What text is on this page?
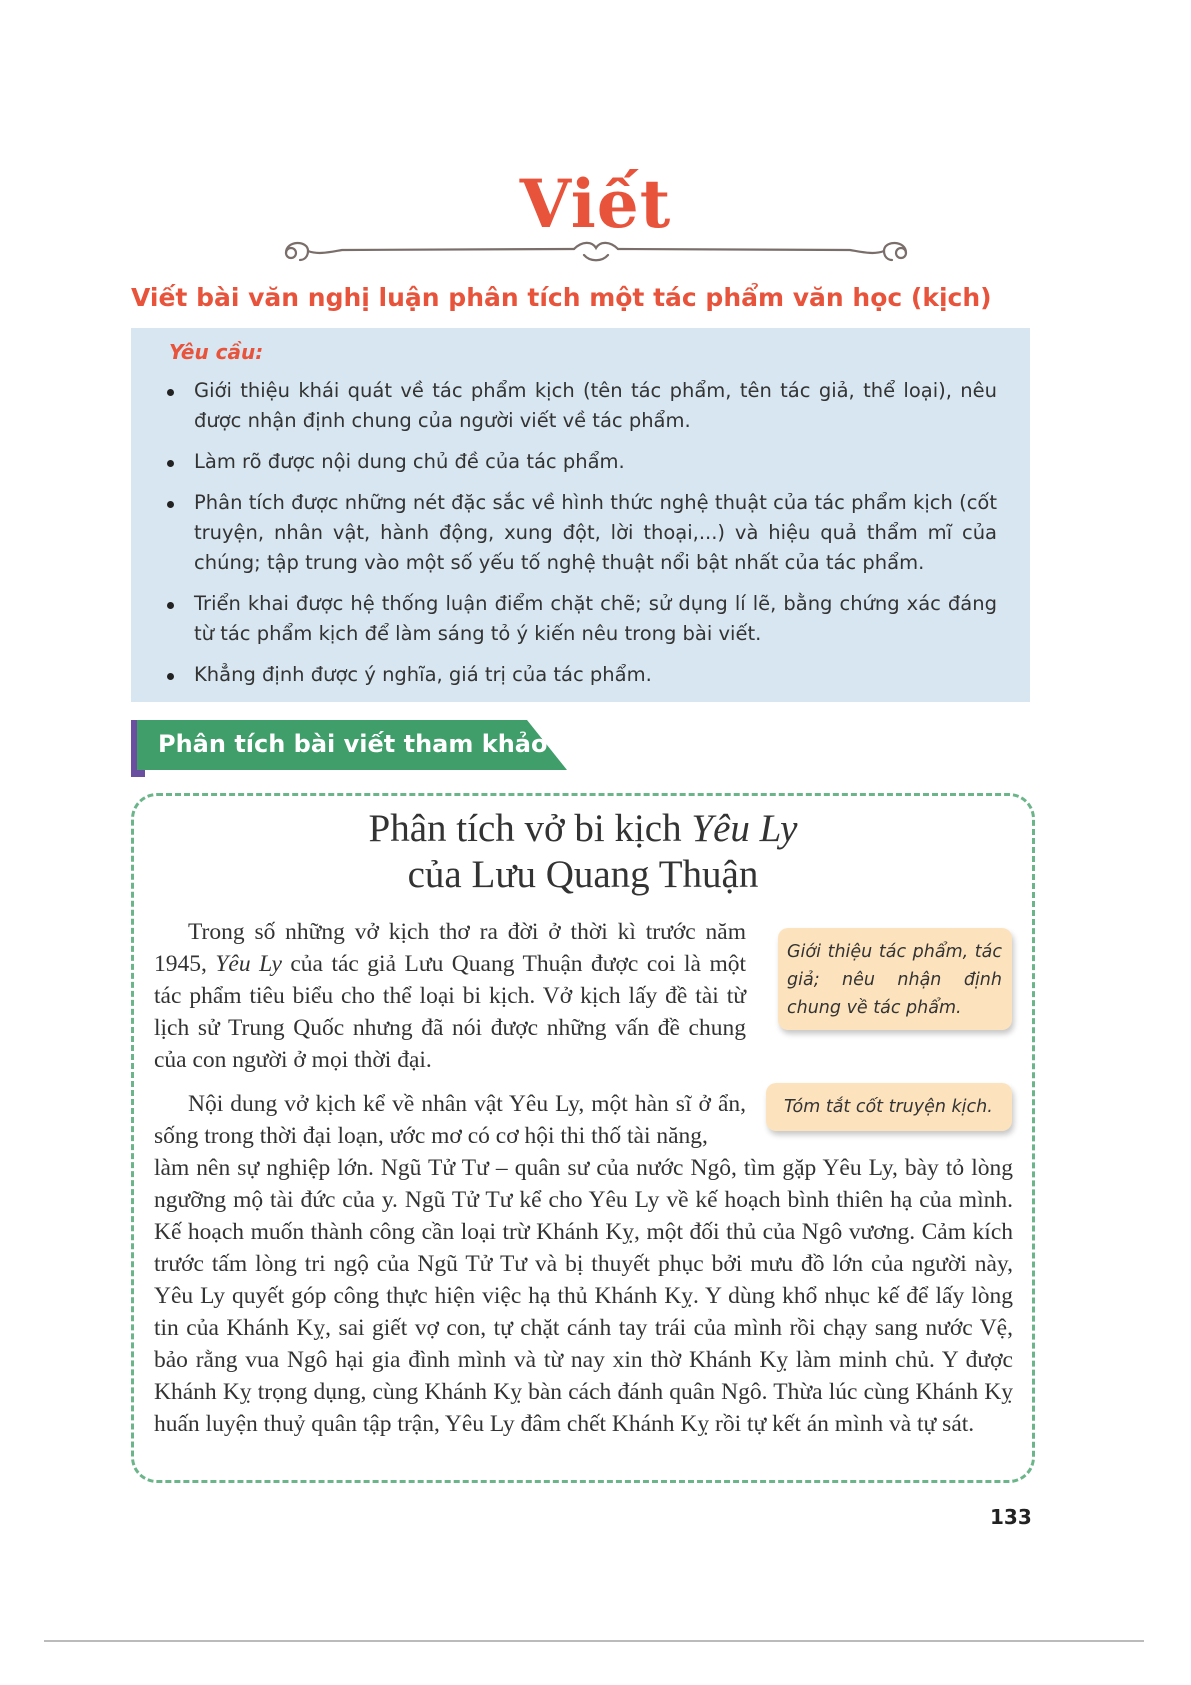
Viết
Viết bài văn nghị luận phân tích một tác phẩm văn học (kịch)
Yêu cầu:
Giới thiệu khái quát về tác phẩm kịch (tên tác phẩm, tên tác giả, thể loại), nêu được nhận định chung của người viết về tác phẩm.
Làm rõ được nội dung chủ đề của tác phẩm.
Phân tích được những nét đặc sắc về hình thức nghệ thuật của tác phẩm kịch (cốt truyện, nhân vật, hành động, xung đột, lời thoại,...) và hiệu quả thẩm mĩ của chúng; tập trung vào một số yếu tố nghệ thuật nổi bật nhất của tác phẩm.
Triển khai được hệ thống luận điểm chặt chẽ; sử dụng lí lẽ, bằng chứng xác đáng từ tác phẩm kịch để làm sáng tỏ ý kiến nêu trong bài viết.
Khẳng định được ý nghĩa, giá trị của tác phẩm.
Phân tích bài viết tham khảo
Phân tích vở bi kịch Yêu Ly
của Lưu Quang Thuận

Trong số những vở kịch thơ ra đời ở thời kì trước năm 1945, Yêu Ly của tác giả Lưu Quang Thuận được coi là một tác phẩm tiêu biểu cho thể loại bi kịch. Vở kịch lấy đề tài từ lịch sử Trung Quốc nhưng đã nói được những vấn đề chung của con người ở mọi thời đại.

Nội dung vở kịch kể về nhân vật Yêu Ly, một hàn sĩ ở ẩn, sống trong thời đại loạn, ước mơ có cơ hội thi thố tài năng,

làm nên sự nghiệp lớn. Ngũ Tử Tư – quân sư của nước Ngô, tìm gặp Yêu Ly, bày tỏ lòng ngưỡng mộ tài đức của y. Ngũ Tử Tư kể cho Yêu Ly về kế hoạch bình thiên hạ của mình. Kế hoạch muốn thành công cần loại trừ Khánh Kỵ, một đối thủ của Ngô vương. Cảm kích trước tấm lòng tri ngộ của Ngũ Tử Tư và bị thuyết phục bởi mưu đồ lớn của người này, Yêu Ly quyết góp công thực hiện việc hạ thủ Khánh Kỵ. Y dùng khổ nhục kế để lấy lòng tin của Khánh Kỵ, sai giết vợ con, tự chặt cánh tay trái của mình rồi chạy sang nước Vệ, bảo rằng vua Ngô hại gia đình mình và từ nay xin thờ Khánh Kỵ làm minh chủ. Y được Khánh Kỵ trọng dụng, cùng Khánh Kỵ bàn cách đánh quân Ngô. Thừa lúc cùng Khánh Kỵ huấn luyện thuỷ quân tập trận, Yêu Ly đâm chết Khánh Kỵ rồi tự kết án mình và tự sát.

Giới thiệu tác phẩm, tác giả; nêu nhận định chung về tác phẩm.
Tóm tắt cốt truyện kịch.
133
